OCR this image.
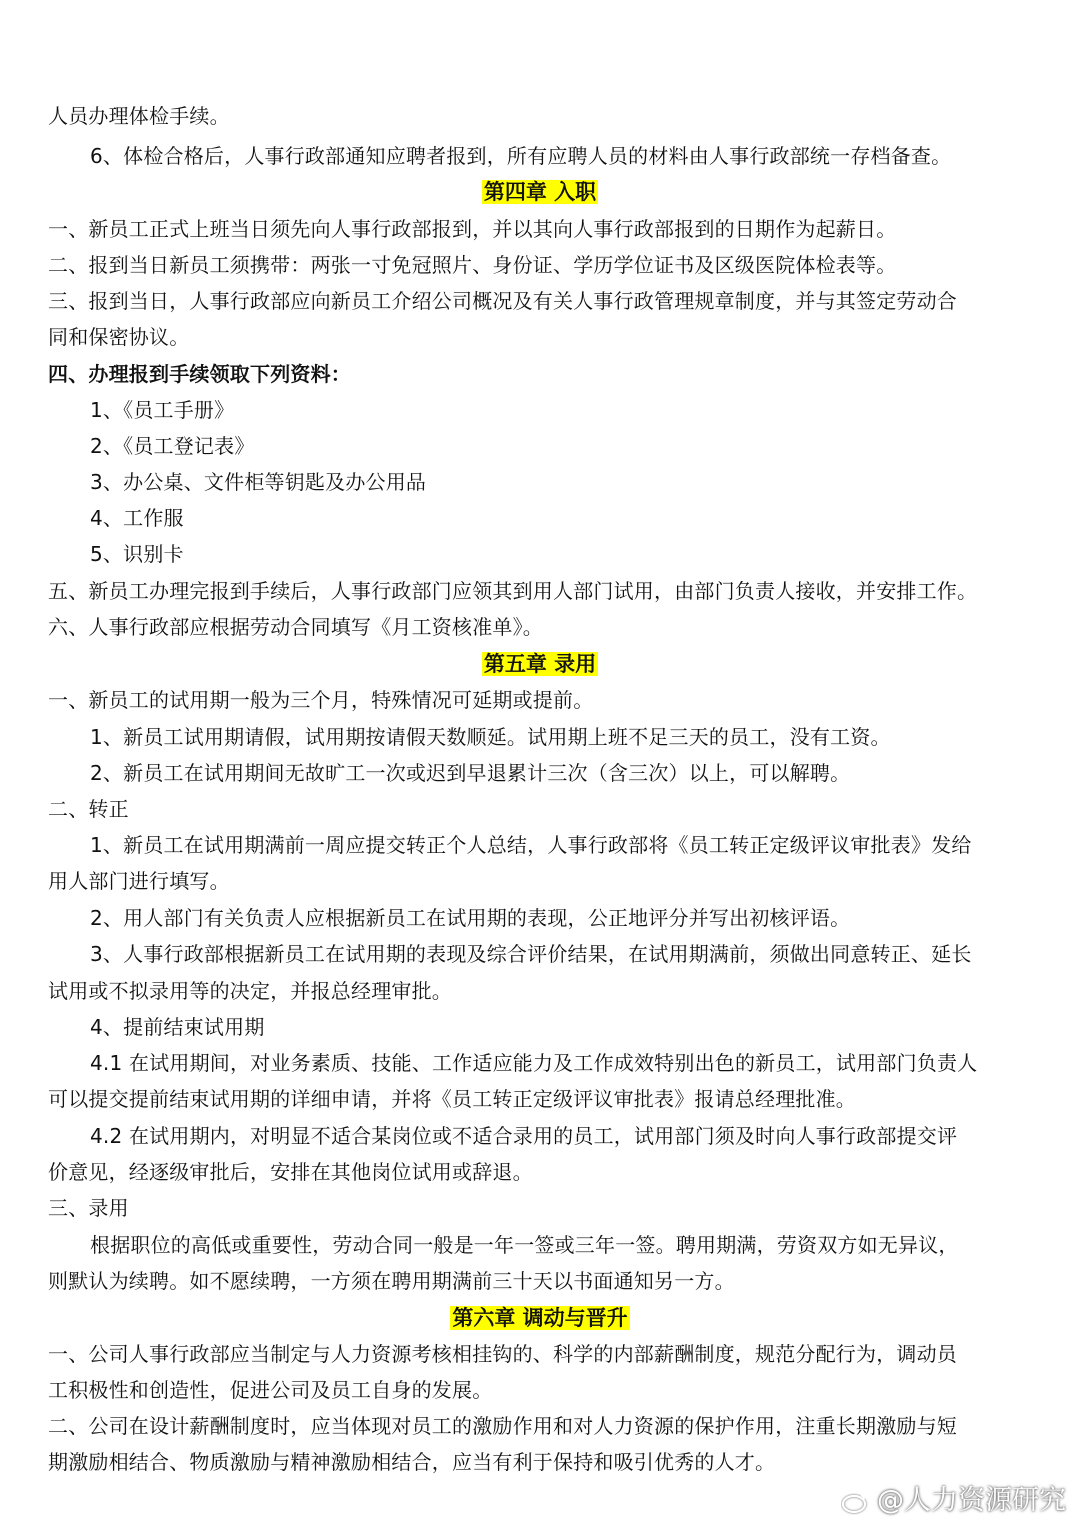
人员办理体检手续。
6、体检合格后，人事行政部通知应聘者报到，所有应聘人员的材料由人事行政部统一存档备查。
第四章 入职
一、新员工正式上班当日须先向人事行政部报到，并以其向人事行政部报到的日期作为起薪日。
二、报到当日新员工须携带：两张一寸免冠照片、身份证、学历学位证书及区级医院体检表等。
三、报到当日，人事行政部应向新员工介绍公司概况及有关人事行政管理规章制度，并与其签定劳动合
同和保密协议。
四、办理报到手续领取下列资料：
1、《员工手册》
2、《员工登记表》
3、办公桌、文件柜等钥匙及办公用品
4、工作服
5、识别卡
五、新员工办理完报到手续后，人事行政部门应领其到用人部门试用，由部门负责人接收，并安排工作。
六、人事行政部应根据劳动合同填写《月工资核准单》。
第五章 录用
一、新员工的试用期一般为三个月，特殊情况可延期或提前。
1、新员工试用期请假，试用期按请假天数顺延。试用期上班不足三天的员工，没有工资。
2、新员工在试用期间无故旷工一次或迟到早退累计三次（含三次）以上，可以解聘。
二、转正
1、新员工在试用期满前一周应提交转正个人总结，人事行政部将《员工转正定级评议审批表》发给
用人部门进行填写。
2、用人部门有关负责人应根据新员工在试用期的表现，公正地评分并写出初核评语。
3、人事行政部根据新员工在试用期的表现及综合评价结果，在试用期满前，须做出同意转正、延长
试用或不拟录用等的决定，并报总经理审批。
4、提前结束试用期
4.1 在试用期间，对业务素质、技能、工作适应能力及工作成效特别出色的新员工，试用部门负责人
可以提交提前结束试用期的详细申请，并将《员工转正定级评议审批表》报请总经理批准。
4.2 在试用期内，对明显不适合某岗位或不适合录用的员工，试用部门须及时向人事行政部提交评
价意见，经逐级审批后，安排在其他岗位试用或辞退。
三、录用
根据职位的高低或重要性，劳动合同一般是一年一签或三年一签。聘用期满，劳资双方如无异议，
则默认为续聘。如不愿续聘，一方须在聘用期满前三十天以书面通知另一方。
第六章 调动与晋升
一、公司人事行政部应当制定与人力资源考核相挂钩的、科学的内部薪酬制度，规范分配行为，调动员
工积极性和创造性，促进公司及员工自身的发展。
二、公司在设计薪酬制度时，应当体现对员工的激励作用和对人力资源的保护作用，注重长期激励与短
期激励相结合、物质激励与精神激励相结合，应当有利于保持和吸引优秀的人才。
@人力资源研究
